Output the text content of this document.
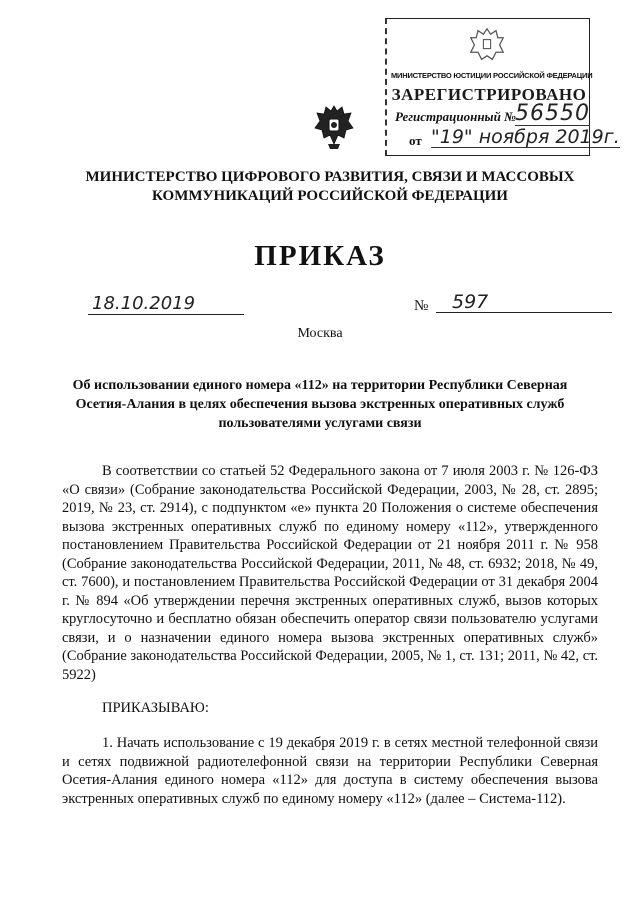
МИНИСТЕРСТВО ЮСТИЦИИ РОССИЙСКОЙ ФЕДЕРАЦИИ
ЗАРЕГИСТРИРОВАНО
Регистрационный № 56550
от "19" ноября 2019г.
МИНИСТЕРСТВО ЦИФРОВОГО РАЗВИТИЯ, СВЯЗИ И МАССОВЫХ КОММУНИКАЦИЙ РОССИЙСКОЙ ФЕДЕРАЦИИ
ПРИКАЗ
18.10.2019	№	597
Москва
Об использовании единого номера «112» на территории Республики Северная Осетия-Алания в целях обеспечения вызова экстренных оперативных служб пользователями услугами связи
В соответствии со статьей 52 Федерального закона от 7 июля 2003 г. № 126-ФЗ «О связи» (Собрание законодательства Российской Федерации, 2003, № 28, ст. 2895; 2019, № 23, ст. 2914), с подпунктом «е» пункта 20 Положения о системе обеспечения вызова экстренных оперативных служб по единому номеру «112», утвержденного постановлением Правительства Российской Федерации от 21 ноября 2011 г. № 958 (Собрание законодательства Российской Федерации, 2011, № 48, ст. 6932; 2018, № 49, ст. 7600), и постановлением Правительства Российской Федерации от 31 декабря 2004 г. № 894 «Об утверждении перечня экстренных оперативных служб, вызов которых круглосуточно и бесплатно обязан обеспечить оператор связи пользователю услугами связи, и о назначении единого номера вызова экстренных оперативных служб» (Собрание законодательства Российской Федерации, 2005, № 1, ст. 131; 2011, № 42, ст. 5922)
ПРИКАЗЫВАЮ:
1. Начать использование с 19 декабря 2019 г. в сетях местной телефонной связи и сетях подвижной радиотелефонной связи на территории Республики Северная Осетия-Алания единого номера «112» для доступа в систему обеспечения вызова экстренных оперативных служб по единому номеру «112» (далее – Система-112).
